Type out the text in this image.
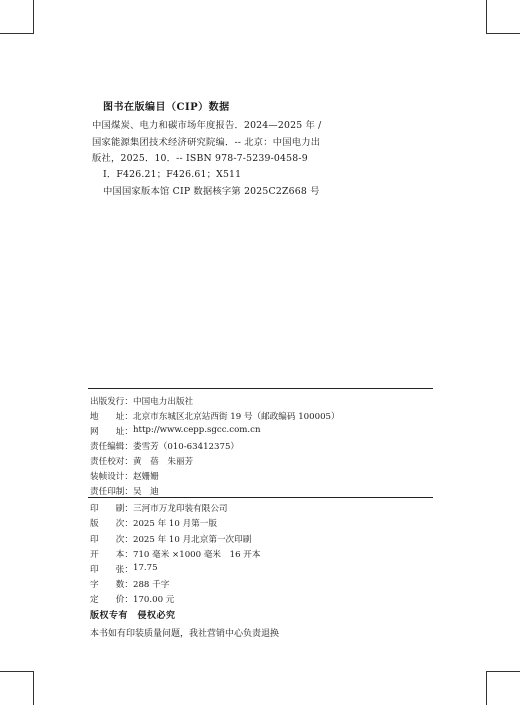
图书在版编目（CIP）数据
中国煤炭、电力和碳市场年度报告．2024—2025 年 /
国家能源集团技术经济研究院编．-- 北京：中国电力出
版社，2025．10．-- ISBN 978-7-5239-0458-9
Ⅰ．F426.21；F426.61；X511
中国国家版本馆 CIP 数据核字第 2025C2Z668 号
出版发行： 中国电力出版社
地　　址： 北京市东城区北京站西街 19 号（邮政编码 100005）
网　　址： http://www.cepp.sgcc.com.cn
责任编辑： 娄雪芳（010-63412375）
责任校对： 黄　蓓　朱丽芳
装帧设计： 赵姗姗
责任印制： 吴　迪
印　　刷： 三河市万龙印装有限公司
版　　次： 2025 年 10 月第一版
印　　次： 2025 年 10 月北京第一次印刷
开　　本： 710 毫米 ×1000 毫米　16 开本
印　　张： 17.75
字　　数： 288 千字
定　　价： 170.00 元
版权专有　侵权必究
本书如有印装质量问题，我社营销中心负责退换
